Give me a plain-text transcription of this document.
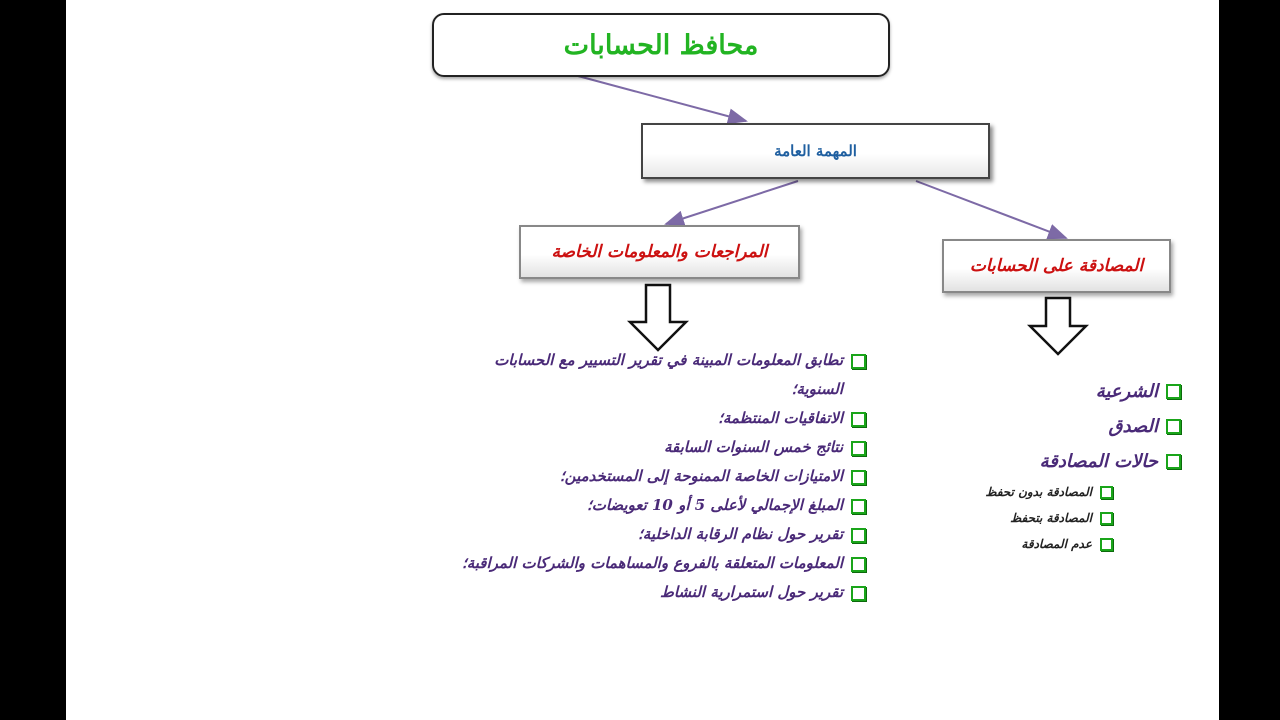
محافظ الحسابات
المهمة العامة
المراجعات والمعلومات الخاصة
المصادقة على الحسابات
تطابق المعلومات المبينة في تقرير التسيير مع الحسابات السنوية؛
الاتفاقيات المنتظمة؛
نتائج خمس السنوات السابقة
الامتيازات الخاصة الممنوحة إلى المستخدمين؛
المبلغ الإجمالي لأعلى 5 أو 10 تعويضات؛
تقرير حول نظام الرقابة الداخلية؛
المعلومات المتعلقة بالفروع والمساهمات والشركات المراقبة؛
تقرير حول استمرارية النشاط
الشرعية
الصدق
حالات المصادقة
المصادقة بدون تحفظ
المصادقة بتحفظ
عدم المصادقة
